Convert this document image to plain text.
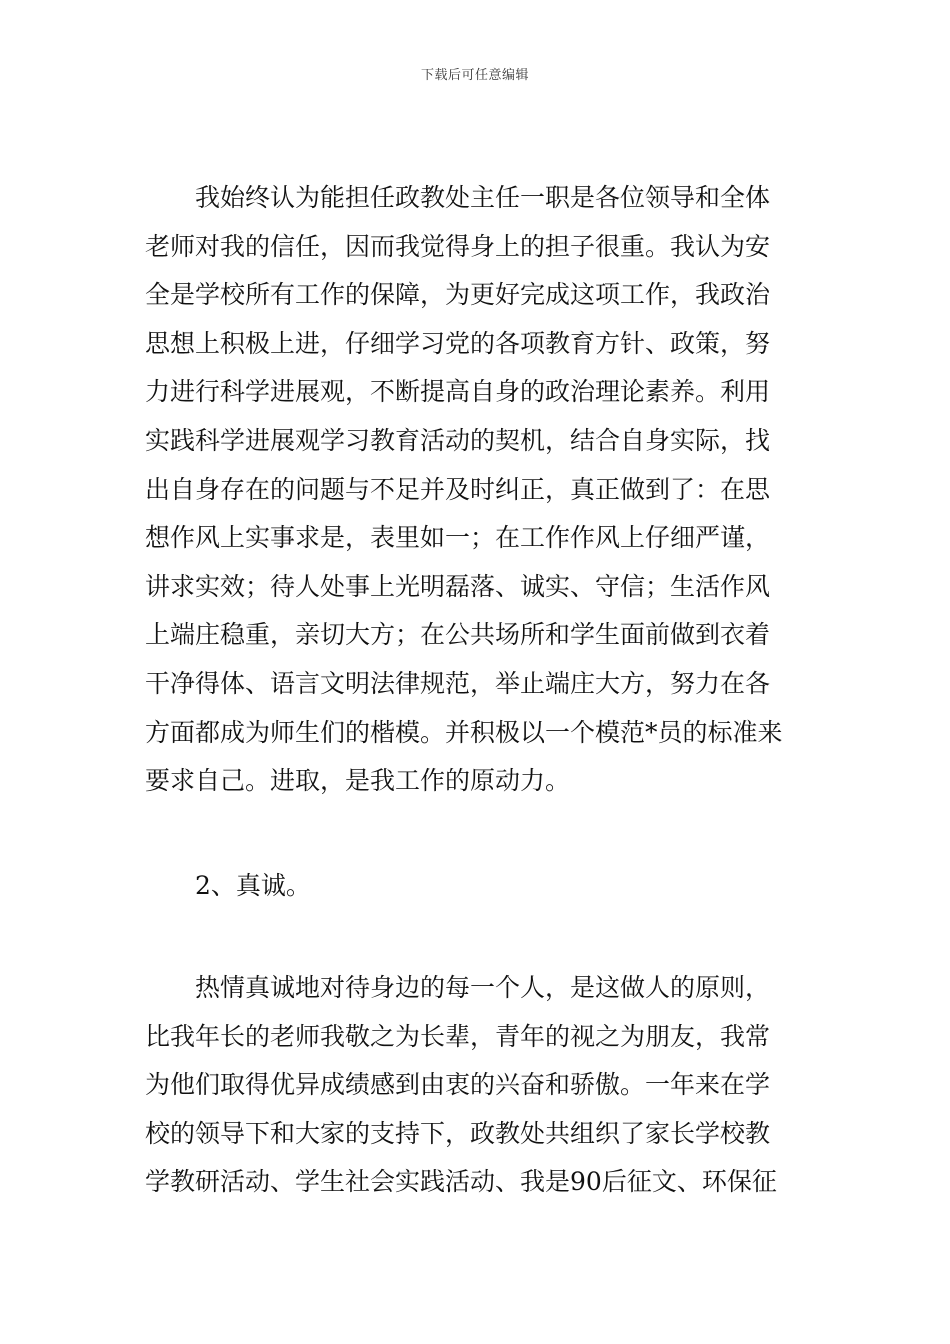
下载后可任意编辑
我始终认为能担任政教处主任一职是各位领导和全体
老师对我的信任，因而我觉得身上的担子很重。我认为安
全是学校所有工作的保障，为更好完成这项工作，我政治
思想上积极上进，仔细学习党的各项教育方针、政策，努
力进行科学进展观，不断提高自身的政治理论素养。利用
实践科学进展观学习教育活动的契机，结合自身实际，找
出自身存在的问题与不足并及时纠正，真正做到了：在思
想作风上实事求是，表里如一；在工作作风上仔细严谨，
讲求实效；待人处事上光明磊落、诚实、守信；生活作风
上端庄稳重，亲切大方；在公共场所和学生面前做到衣着
干净得体、语言文明法律规范，举止端庄大方，努力在各
方面都成为师生们的楷模。并积极以一个模范*员的标准来
要求自己。进取，是我工作的原动力。
2、真诚。
热情真诚地对待身边的每一个人，是这做人的原则，
比我年长的老师我敬之为长辈，青年的视之为朋友，我常
为他们取得优异成绩感到由衷的兴奋和骄傲。一年来在学
校的领导下和大家的支持下，政教处共组织了家长学校教
学教研活动、学生社会实践活动、我是90后征文、环保征
